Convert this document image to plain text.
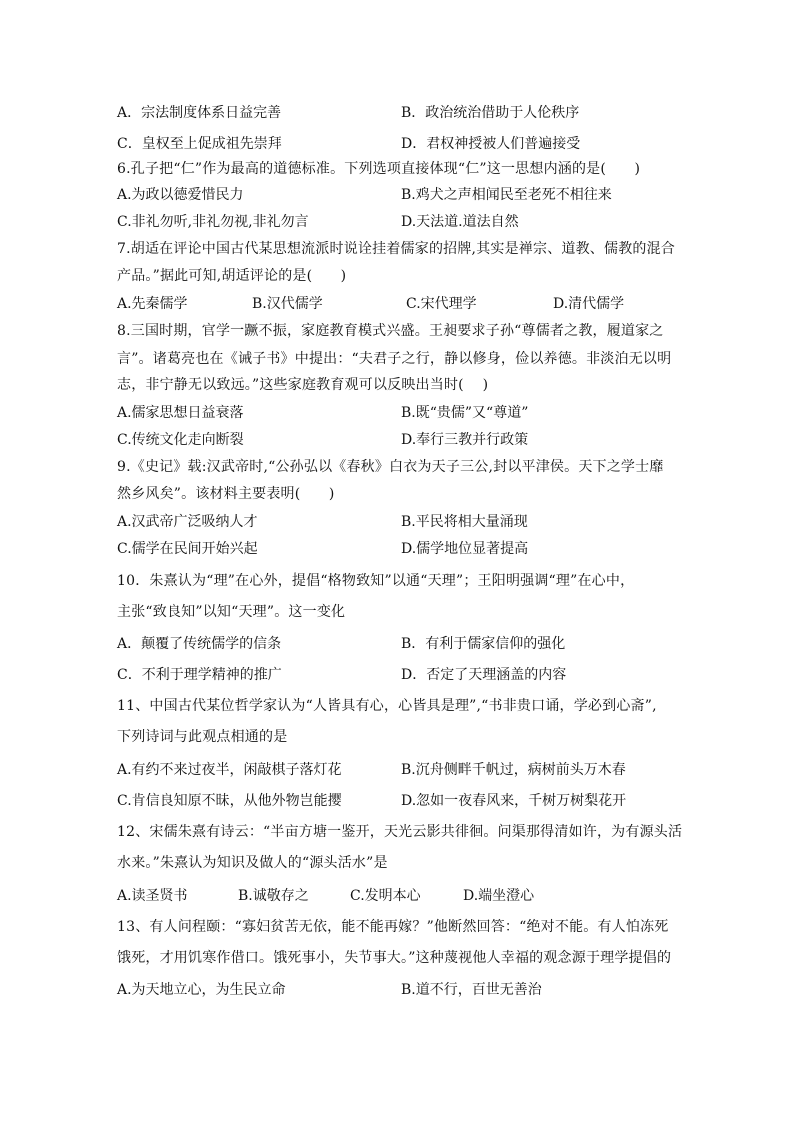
A．宗法制度体系日益完善	B．政治统治借助于人伦秩序
C．皇权至上促成祖先崇拜	D．君权神授被人们普遍接受
6.孔子把“仁”作为最高的道德标准。下列选项直接体现“仁”这一思想内涵的是(　　)
A.为政以德爱惜民力	B.鸡犬之声相闻民至老死不相往来
C.非礼勿听,非礼勿视,非礼勿言	D.天法道.道法自然
7.胡适在评论中国古代某思想流派时说诠挂着儒家的招牌,其实是禅宗、道教、儒教的混合
产品。”据此可知,胡适评论的是(　　)
A.先秦儒学	B.汉代儒学	C.宋代理学	D.清代儒学
8.三国时期，官学一蹶不振，家庭教育模式兴盛。王昶要求子孙“尊儒者之教，履道家之
言”。诸葛亮也在《诫子书》中提出：“夫君子之行，静以修身，俭以养德。非淡泊无以明
志，非宁静无以致远。”这些家庭教育观可以反映出当时(　 )
A.儒家思想日益衰落	B.既“贵儒”又“尊道”
C.传统文化走向断裂	D.奉行三教并行政策
9.《史记》载:汉武帝时,“公孙弘以《春秋》白衣为天子三公,封以平津侯。天下之学士靡
然乡风矣”。该材料主要表明(　　)
A.汉武帝广泛吸纳人才	B.平民将相大量涌现
C.儒学在民间开始兴起	D.儒学地位显著提高
10．朱熹认为“理”在心外，提倡“格物致知”以通“天理”；王阳明强调“理”在心中，
主张“致良知”以知“天理”。这一变化
A．颠覆了传统儒学的信条	B．有利于儒家信仰的强化
C．不利于理学精神的推广	D．否定了天理涵盖的内容
11、中国古代某位哲学家认为“人皆具有心，心皆具是理”,“书非贵口诵，学必到心斋”,
下列诗词与此观点相通的是
A.有约不来过夜半，闲敲棋子落灯花	B.沉舟侧畔千帆过，病树前头万木春
C.肯信良知原不昧，从他外物岂能撄	D.忽如一夜春风来，千树万树梨花开
12、宋儒朱熹有诗云：“半亩方塘一鉴开，天光云影共徘徊。问渠那得清如许，为有源头活
水来。”朱熹认为知识及做人的“源头活水”是
A.读圣贤书	B.诚敬存之	C.发明本心	D.端坐澄心
13、有人问程颐：“寡妇贫苦无依，能不能再嫁？”他断然回答：“绝对不能。有人怕冻死
饿死，才用饥寒作借口。饿死事小，失节事大。”这种蔑视他人幸福的观念源于理学提倡的
A.为天地立心，为生民立命	B.道不行，百世无善治
